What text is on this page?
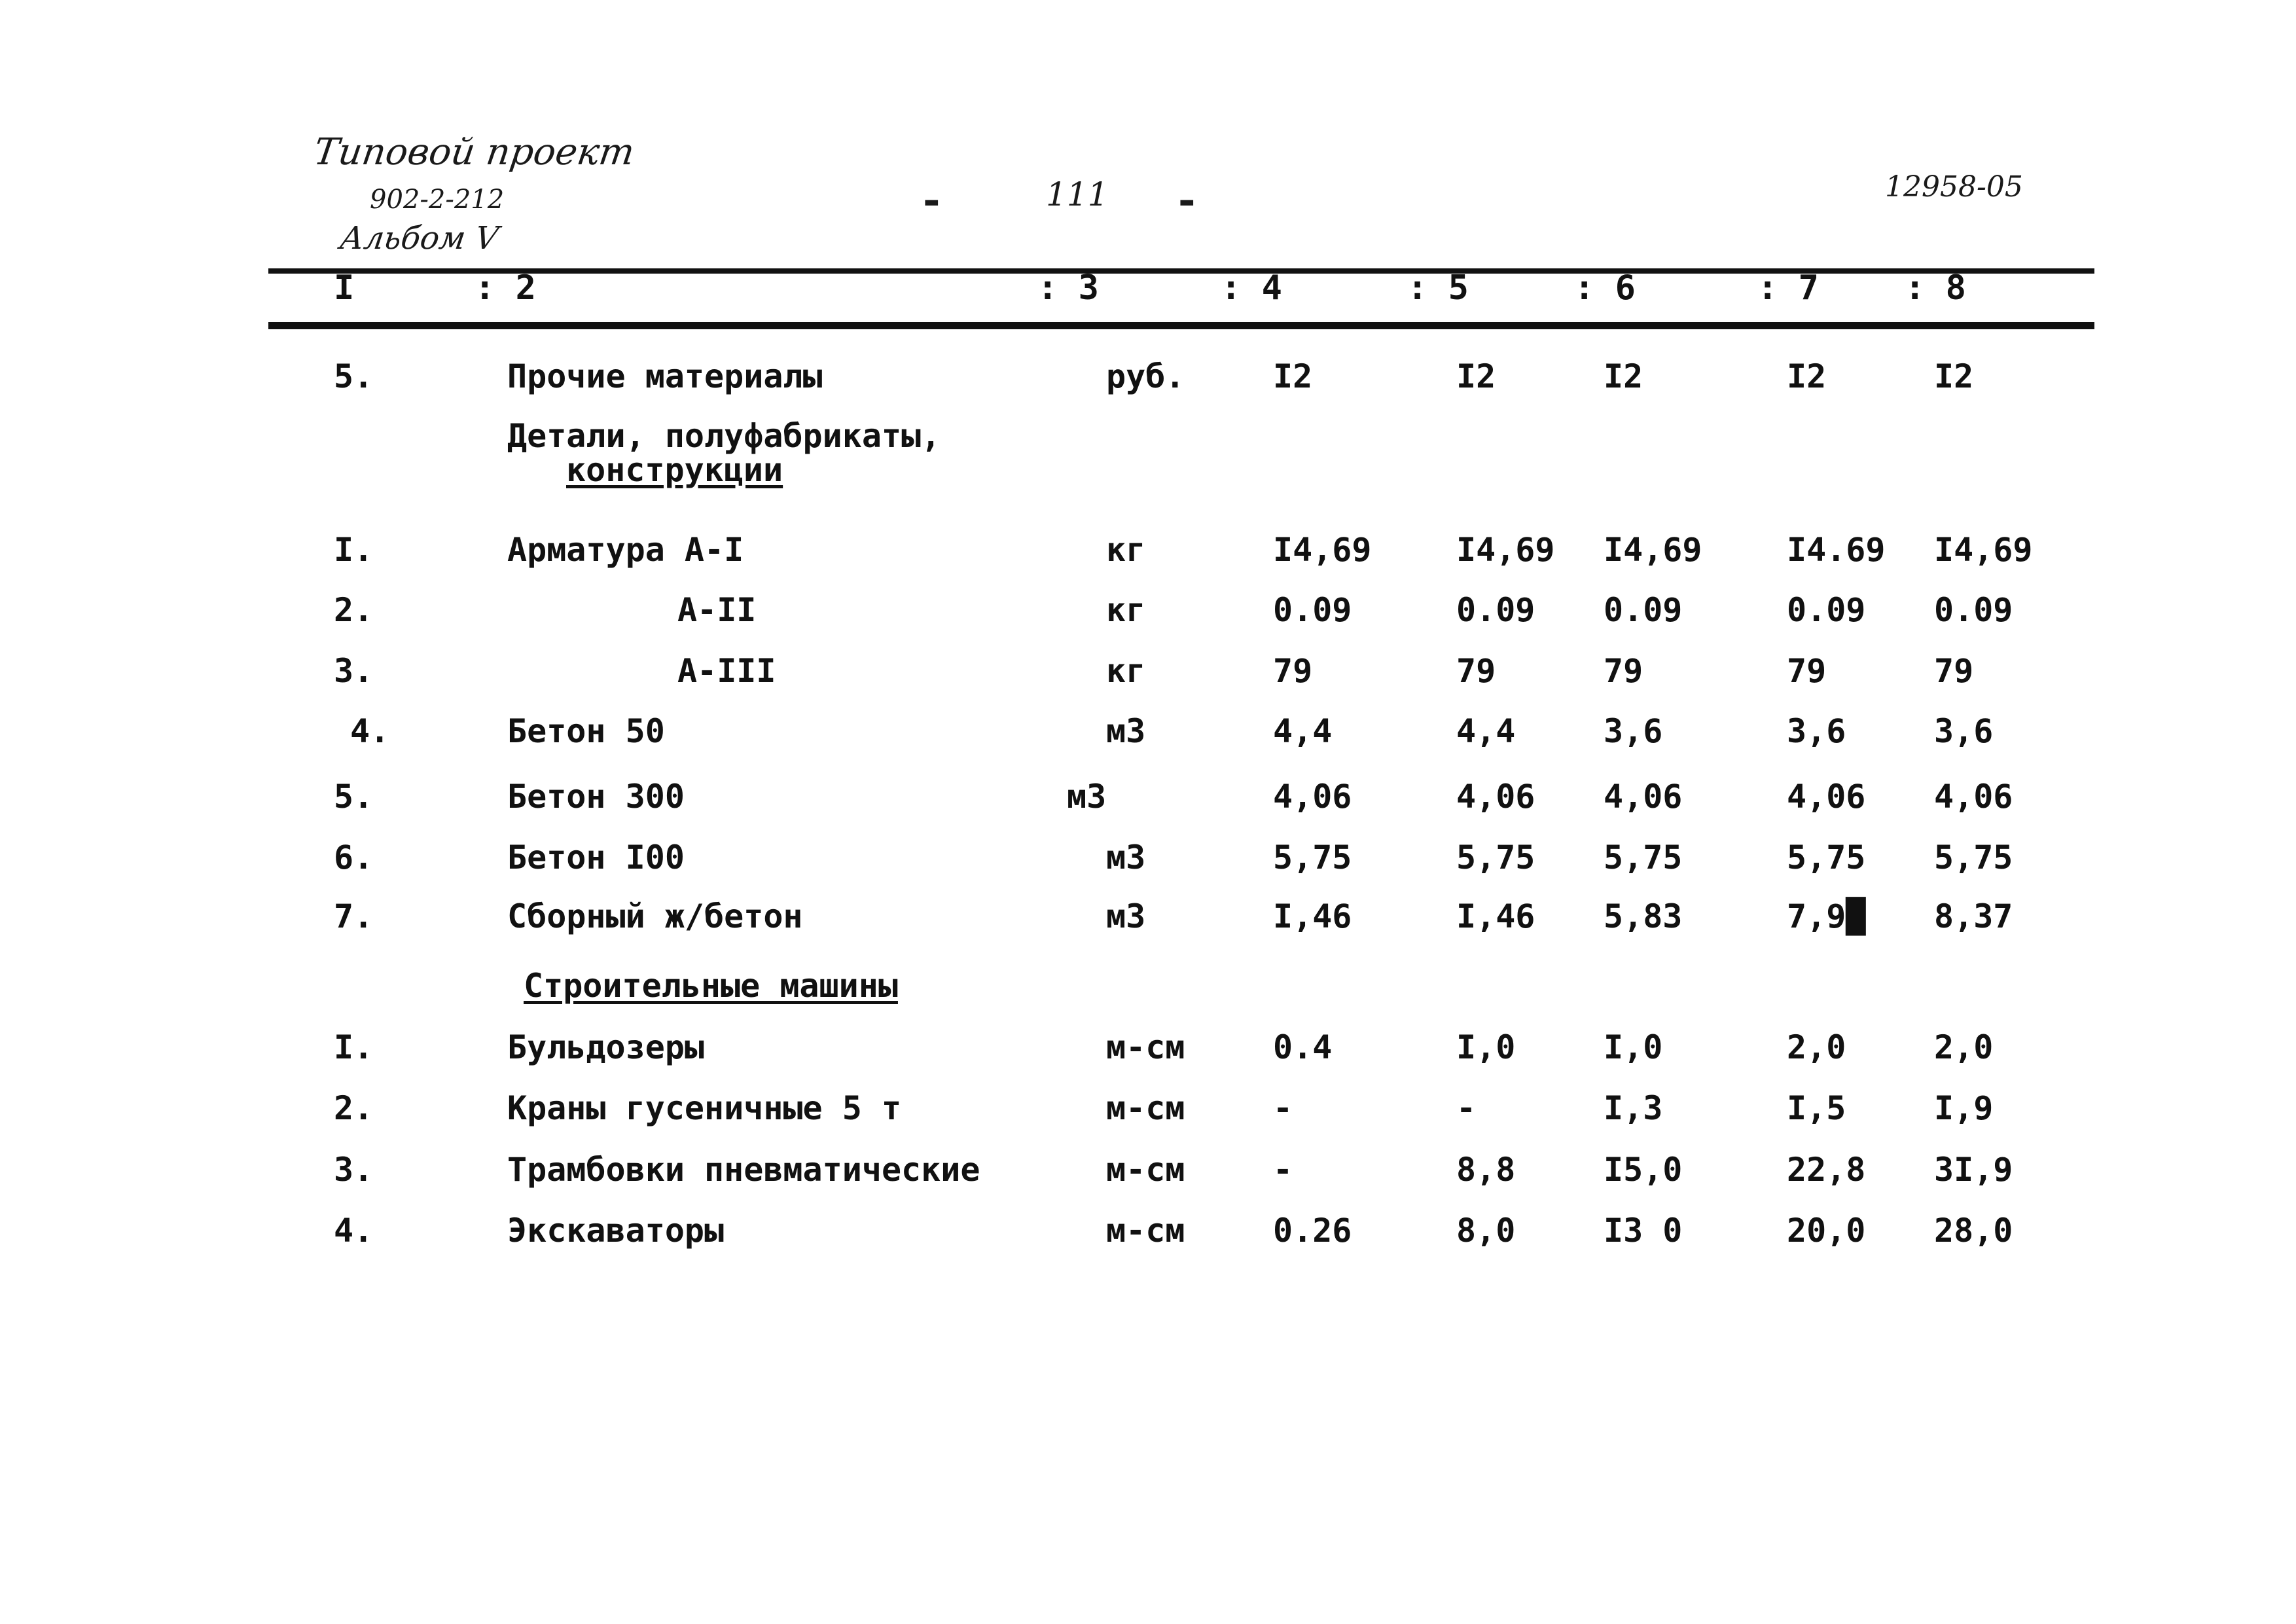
Типовой проект
902-2-212
Альбом V
-	111 -	12958-05
I	: 2	: 3	: 4	: 5	: 6	: 7	: 8
5.	Прочие материалы	руб.	I2	I2	I2	I2	I2
Детали, полуфабрикаты,
конструкции
I.	Арматура А-I	кг	I4,69	I4,69 I4,69	I4.69 I4,69
2.	А-II	кг	0.09	0.09 0.09	0.09 0.09
3.	А-III	кг	79	79	79	79	79
4.	Бетон 50	м3	4,4	4,4	3,6	3,6	3,6
5.	Бетон 300	м3	4,06	4,06 4,06	4,06 4,06
6.	Бетон I00	м3	5,75	5,75 5,75	5,75 5,75
7.	Сборный ж/бетон	м3	I,46	I,46 5,83	7,9█ 8,37
Строительные машины
I.	Бульдозеры	м-см	0.4	I,0	I,0	2,0	2,0
2.	Краны гусеничные 5 т	м-см	-	-	I,3	I,5	I,9
3.	Трамбовки пневматические	м-см	-	8,8	I5,0	22,8 3I,9
4.	Экскаваторы	м-см	0.26	8,0	I3 0	20,0 28,0
